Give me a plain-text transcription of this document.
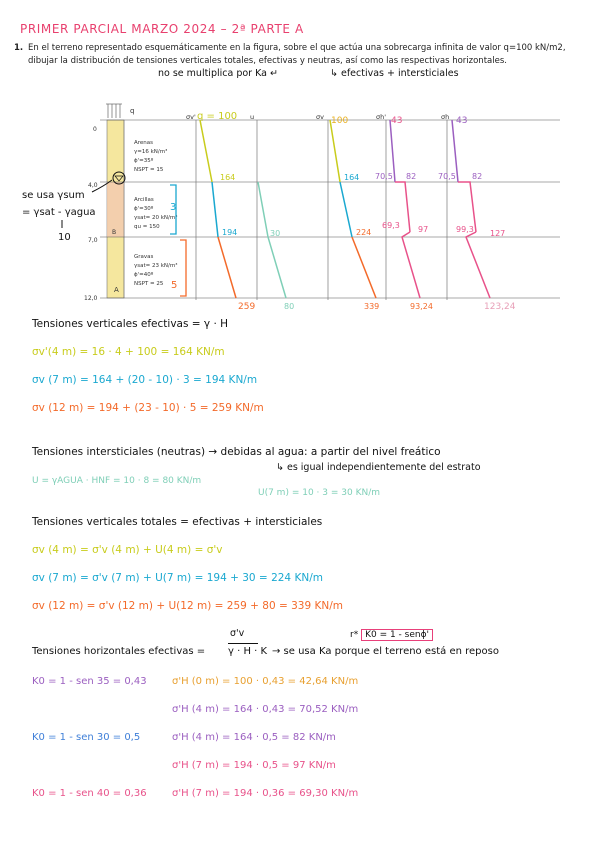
PRIMER PARCIAL MARZO 2024 – 2ª PARTE A
1. En el terreno representado esquemáticamente en la figura, sobre el que actúa una sobrecarga infinita de valor q=100 kN/m2, dibujar la distribución de tensiones verticales totales, efectivas y neutras, así como las respectivas horizontales.
no se multiplica por Ka ↵	↳ efectivas + intersticiales
q
0
4,0
7,0
12,0
A
B
Arenas
γ=16 kN/m³
ϕ'=35º
NSPT = 15
Arcillas
ϕ'=30º
γsat= 20 kN/m³
qu = 150
Gravas
γsat= 23 kN/m³
ϕ'=40º
NSPT = 25
se usa γsum
= γsat - γagua
10
3
5
σv' q = 100 u	σv 100	σh' 43	σh 43
164
194
259
30
80
164
224
339
70,5 82
69,3 97
93,24
70,5 82
99,3 127
123,24
Tensiones verticales efectivas = γ · H
σv'(4 m) = 16 · 4 + 100 = 164 KN/m
σv (7 m) = 164 + (20 - 10) · 3 = 194 KN/m
σv (12 m) = 194 + (23 - 10) · 5 = 259 KN/m
Tensiones intersticiales (neutras) → debidas al agua: a partir del nivel freático
↳ es igual independientemente del estrato
U = γAGUA · HNF = 10 · 8 = 80 KN/m
U(7 m) = 10 · 3 = 30 KN/m
Tensiones verticales totales = efectivas + intersticiales
σv (4 m) = σ'v (4 m) + U(4 m) = σ'v
σv (7 m) = σ'v (7 m) + U(7 m) = 194 + 30 = 224 KN/m
σv (12 m) = σ'v (12 m) + U(12 m) = 259 + 80 = 339 KN/m
σ'v	r* K0 = 1 - senϕ'
Tensiones horizontales efectivas = γ · H · K → se usa Ka porque el terreno está en reposo
K0 = 1 - sen 35 = 0,43	σ'H (0 m) = 100 · 0,43 = 42,64 KN/m
σ'H (4 m) = 164 · 0,43 = 70,52 KN/m
K0 = 1 - sen 30 = 0,5	σ'H (4 m) = 164 · 0,5 = 82 KN/m
σ'H (7 m) = 194 · 0,5 = 97 KN/m
K0 = 1 - sen 40 = 0,36	σ'H (7 m) = 194 · 0,36 = 69,30 KN/m
